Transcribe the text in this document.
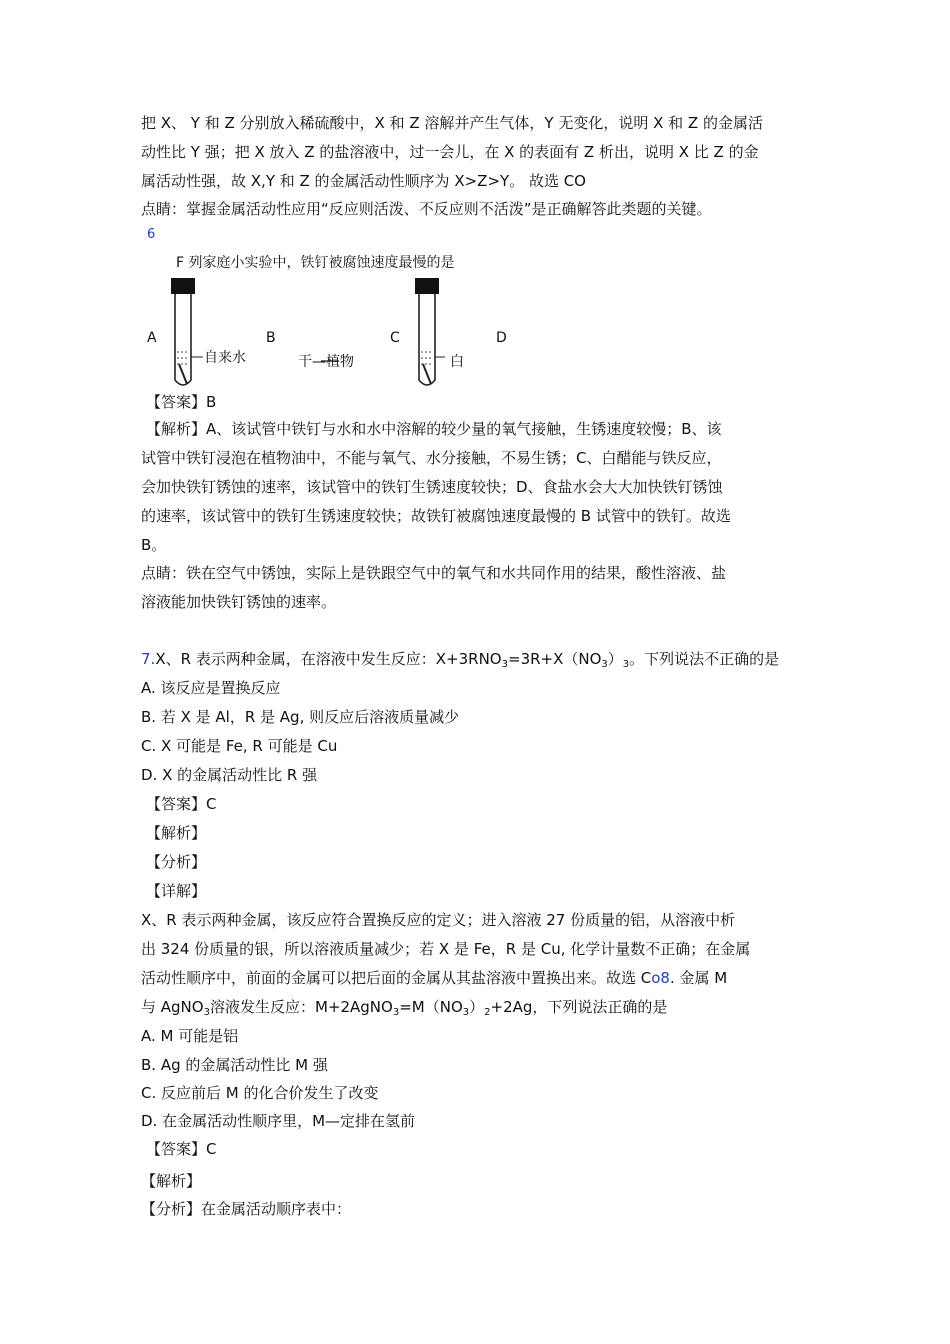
把 X、 Y 和 Z 分别放入稀硫酸中，X 和 Z 溶解并产生气体，Y 无变化，说明 X 和 Z 的金属活
动性比 Y 强；把 X 放入 Z 的盐溶液中，过一会儿，在 X 的表面有 Z 析出，说明 X 比 Z 的金
属活动性强，故 X,Y 和 Z 的金属活动性顺序为 X>Z>Y。 故选 CO
点睛：掌握金属活动性应用“反应则活泼、不反应则不活泼”是正确解答此类题的关键。
6
F 列家庭小实验中，铁钉被腐蚀速度最慢的是
A	B	C	D
自来水	干—植物	白
【答案】B
【解析】A、该试管中铁钉与水和水中溶解的较少量的氧气接触，生锈速度较慢；B、该
试管中铁钉浸泡在植物油中，不能与氧气、水分接触，不易生锈；C、白醋能与铁反应，
会加快铁钉锈蚀的速率，该试管中的铁钉生锈速度较快；D、食盐水会大大加快铁钉锈蚀
的速率，该试管中的铁钉生锈速度较快；故铁钉被腐蚀速度最慢的 B 试管中的铁钉。故选
B。
点睛：铁在空气中锈蚀，实际上是铁跟空气中的氧气和水共同作用的结果，酸性溶液、盐
溶液能加快铁钉锈蚀的速率。
7.X、R 表示两种金属，在溶液中发生反应：$X+3RNO_3=3R+X(NO_3)_3$。下列说法不正确的是
A. 该反应是置换反应
B. 若 X 是 Al，R 是 Ag, 则反应后溶液质量减少
C. X 可能是 Fe, R 可能是 Cu
D. X 的金属活动性比 R 强
【答案】C
【解析】
【分析】
【详解】
X、R 表示两种金属，该反应符合置换反应的定义；进入溶液 27 份质量的铝，从溶液中析
出 324 份质量的银，所以溶液质量减少；若 X 是 Fe，R 是 Cu, 化学计量数不正确；在金属
活动性顺序中，前面的金属可以把后面的金属从其盐溶液中置换出来。故选 Co8. 金属 M
与 AgNO$_3$溶液发生反应：$M+2AgNO_3=M(NO_3)_2+2Ag$，下列说法正确的是
A. M 可能是铝
B. Ag 的金属活动性比 M 强
C. 反应前后 M 的化合价发生了改变
D. 在金属活动性顺序里，M—定排在氢前
【答案】C
【解析】
【分析】在金属活动顺序表中：
